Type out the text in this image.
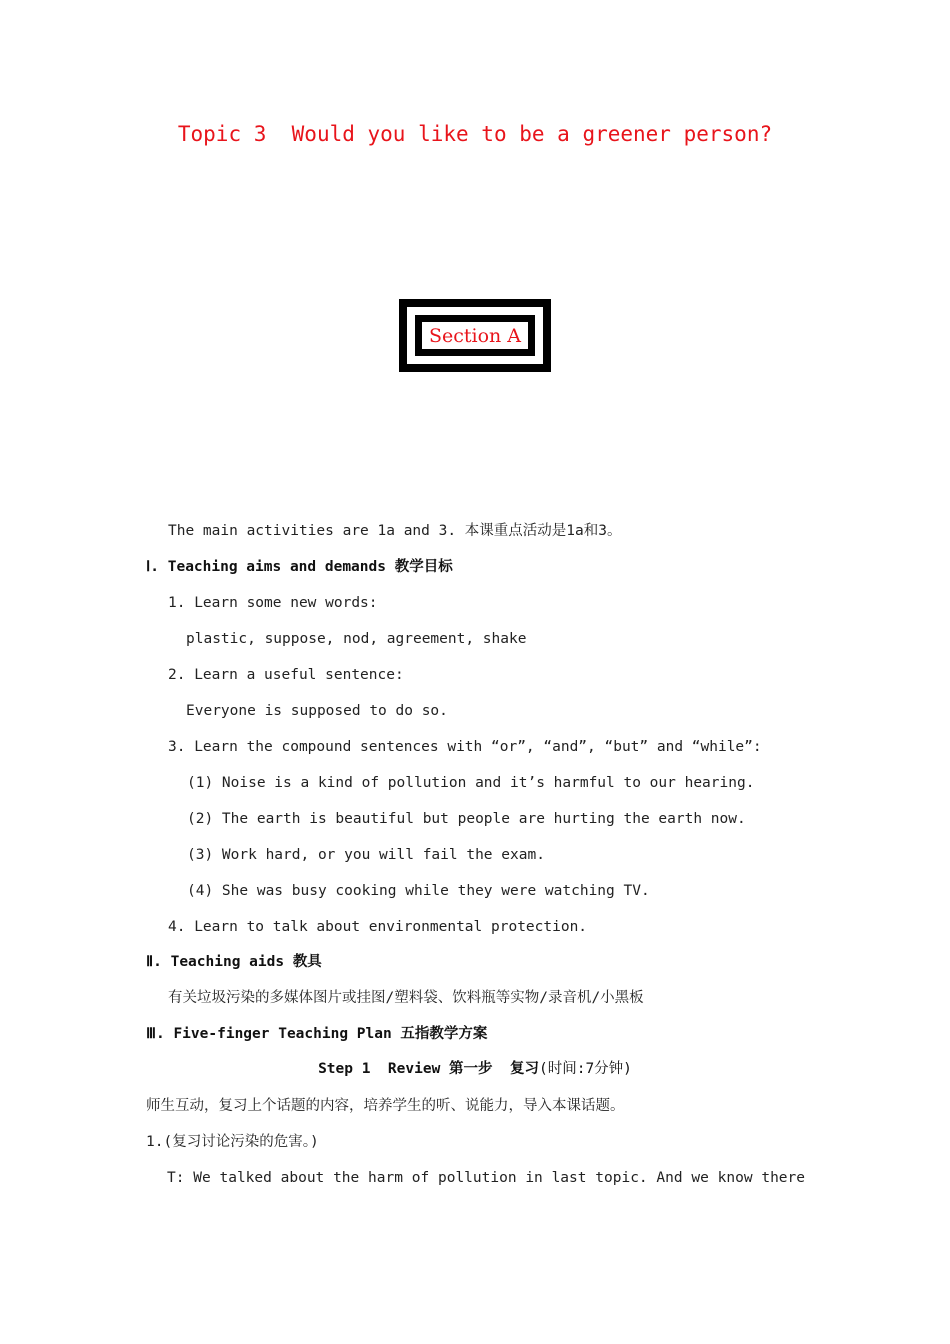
Topic 3  Would you like to be a greener person?
Section A
The main activities are 1a and 3. 本课重点活动是1a和3。
Ⅰ. Teaching aims and demands 教学目标
1. Learn some new words:
plastic, suppose, nod, agreement, shake
2. Learn a useful sentence:
Everyone is supposed to do so.
3. Learn the compound sentences with “or”, “and”, “but” and “while”:
(1) Noise is a kind of pollution and it’s harmful to our hearing.
(2) The earth is beautiful but people are hurting the earth now.
(3) Work hard, or you will fail the exam.
(4) She was busy cooking while they were watching TV.
4. Learn to talk about environmental protection.
Ⅱ. Teaching aids 教具
有关垃圾污染的多媒体图片或挂图/塑料袋、饮料瓶等实物/录音机/小黑板
Ⅲ. Five-finger Teaching Plan 五指教学方案
Step 1  Review 第一步  复习(时间:7分钟)
师生互动，复习上个话题的内容，培养学生的听、说能力，导入本课话题。
1.(复习讨论污染的危害。)
T: We talked about the harm of pollution in last topic. And we know there
